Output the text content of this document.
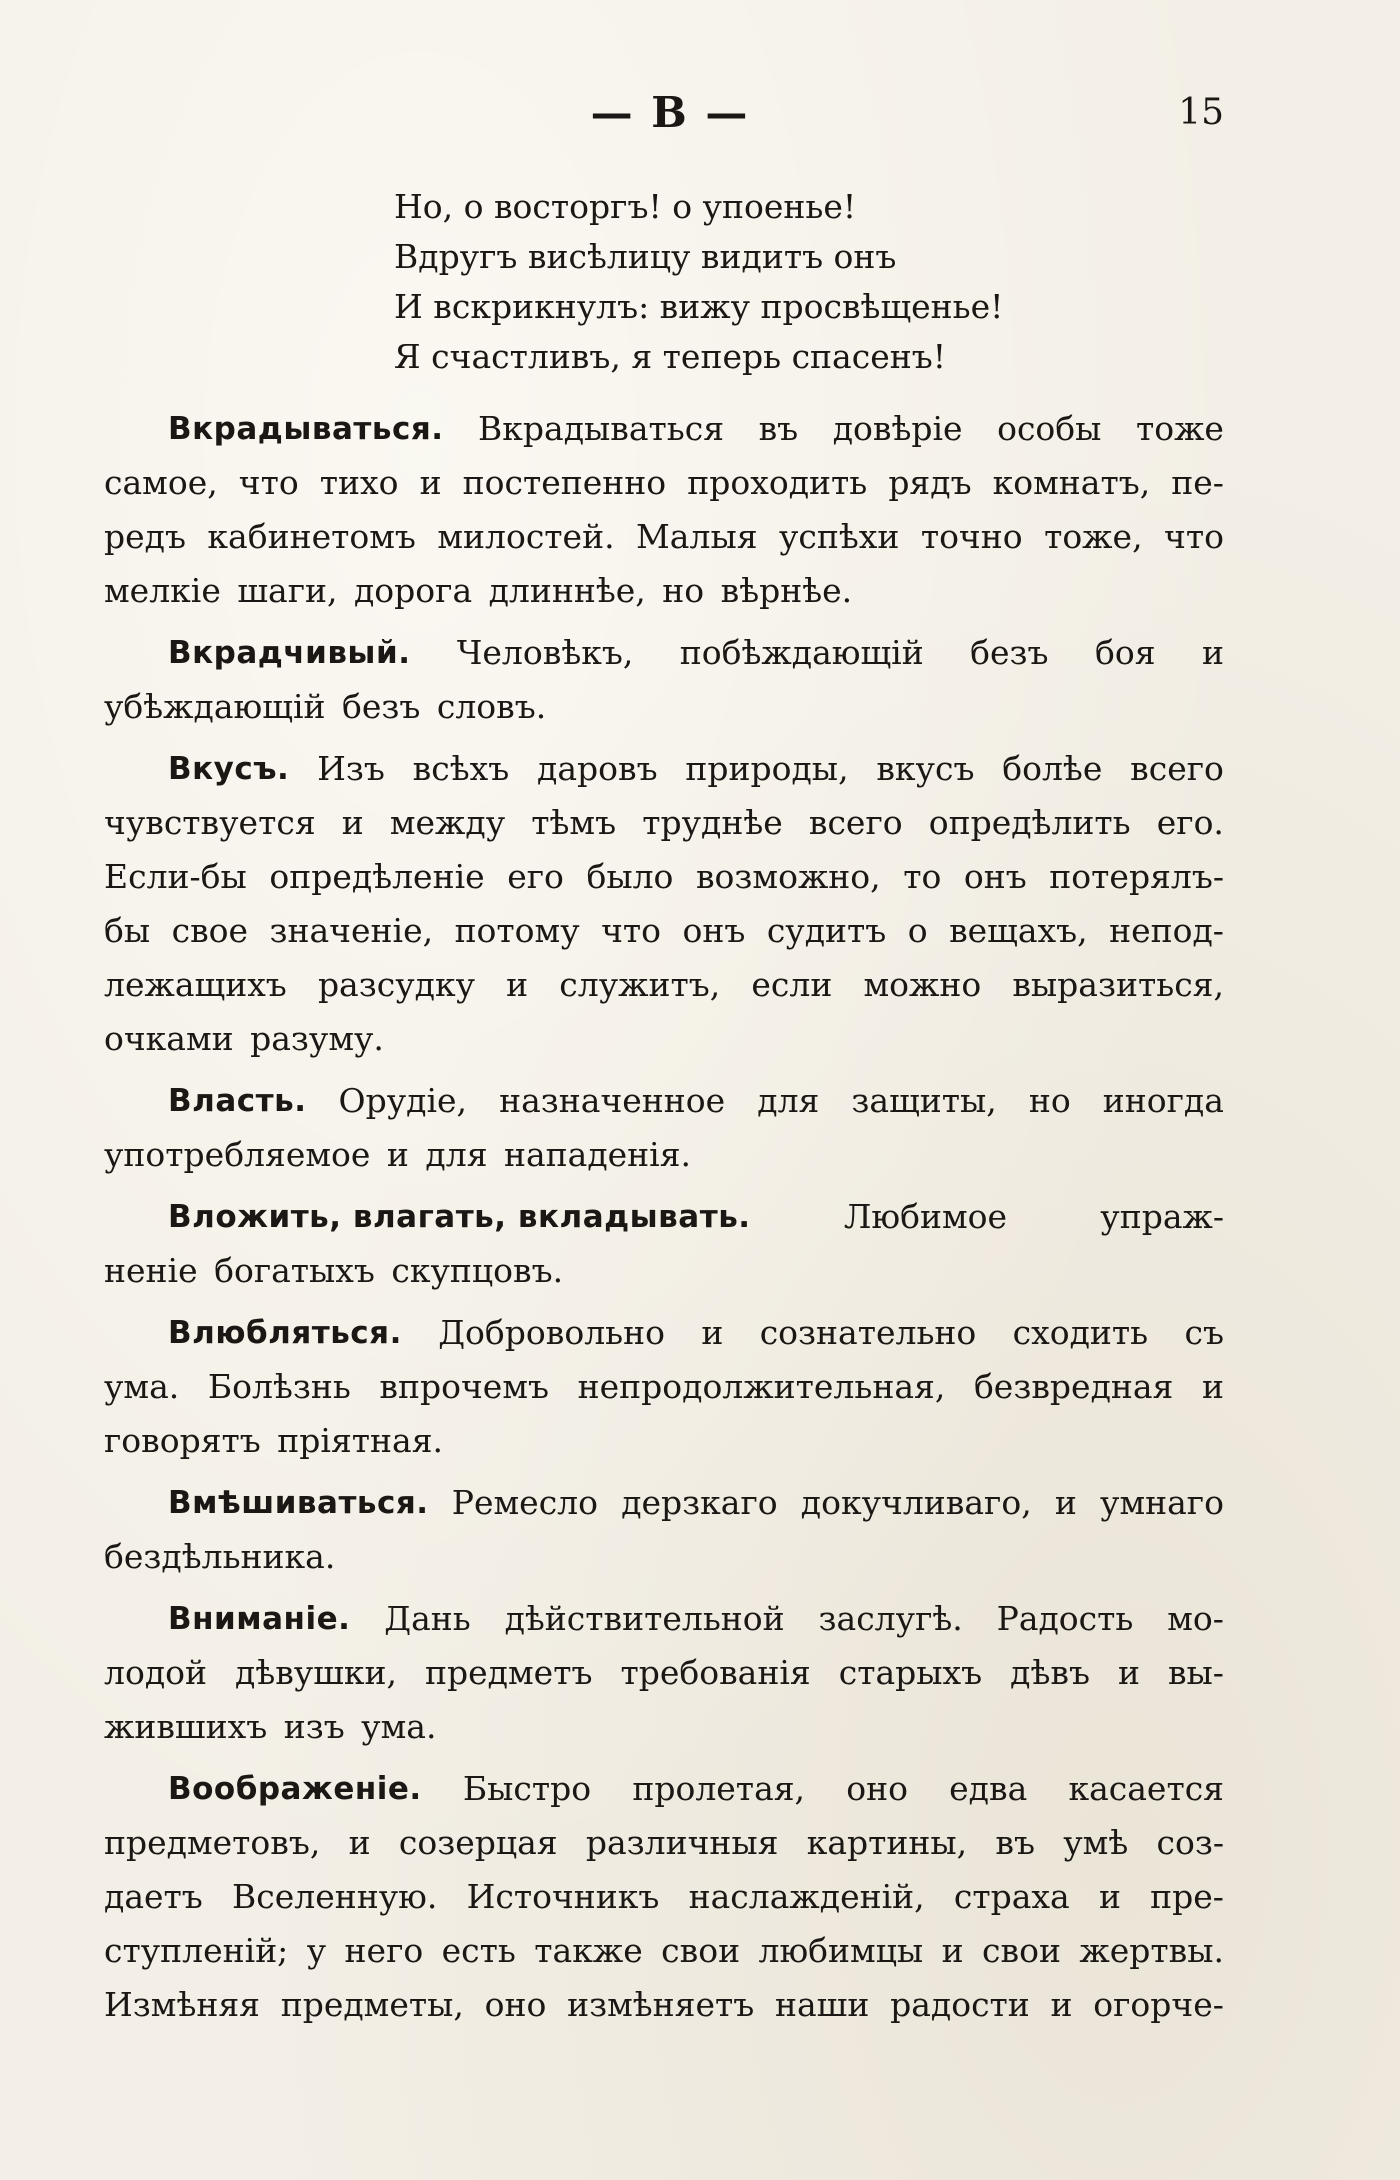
— В —	15
Но, о восторгъ! о упоенье!
Вдругъ висѣлицу видитъ онъ
И вскрикнулъ: вижу просвѣщенье!
Я счастливъ, я теперь спасенъ!
Вкрадываться. Вкрадываться въ довѣріе особы тоже
самое, что тихо и постепенно проходить рядъ комнатъ, пе-
редъ кабинетомъ милостей. Малыя успѣхи точно тоже, что
мелкіе шаги, дорога длиннѣе, но вѣрнѣе.
Вкрадчивый. Человѣкъ, побѣждающій безъ боя и
убѣждающій безъ словъ.
Вкусъ. Изъ всѣхъ даровъ природы, вкусъ болѣе всего
чувствуется и между тѣмъ труднѣе всего опредѣлить его.
Если-бы опредѣленіе его было возможно, то онъ потерялъ-
бы свое значеніе, потому что онъ судитъ о вещахъ, непод-
лежащихъ разсудку и служитъ, если можно выразиться,
очками разуму.
Власть. Орудіе, назначенное для защиты, но иногда
употребляемое и для нападенія.
Вложить, влагать, вкладывать.	Любимое	упраж-
неніе богатыхъ скупцовъ.
Влюбляться. Добровольно и сознательно сходить съ
ума. Болѣзнь впрочемъ непродолжительная, безвредная и
говорятъ пріятная.
Вмѣшиваться. Ремесло дерзкаго докучливаго, и умнаго
бездѣльника.
Вниманіе. Дань дѣйствительной заслугѣ. Радость мо-
лодой дѣвушки, предметъ требованія старыхъ дѣвъ и вы-
жившихъ изъ ума.
Воображеніе. Быстро пролетая, оно едва касается
предметовъ, и созерцая различныя картины, въ умѣ соз-
даетъ Вселенную. Источникъ наслажденій, страха и пре-
ступленій; у него есть также свои любимцы и свои жертвы.
Измѣняя предметы, оно измѣняетъ наши радости и огорче-
